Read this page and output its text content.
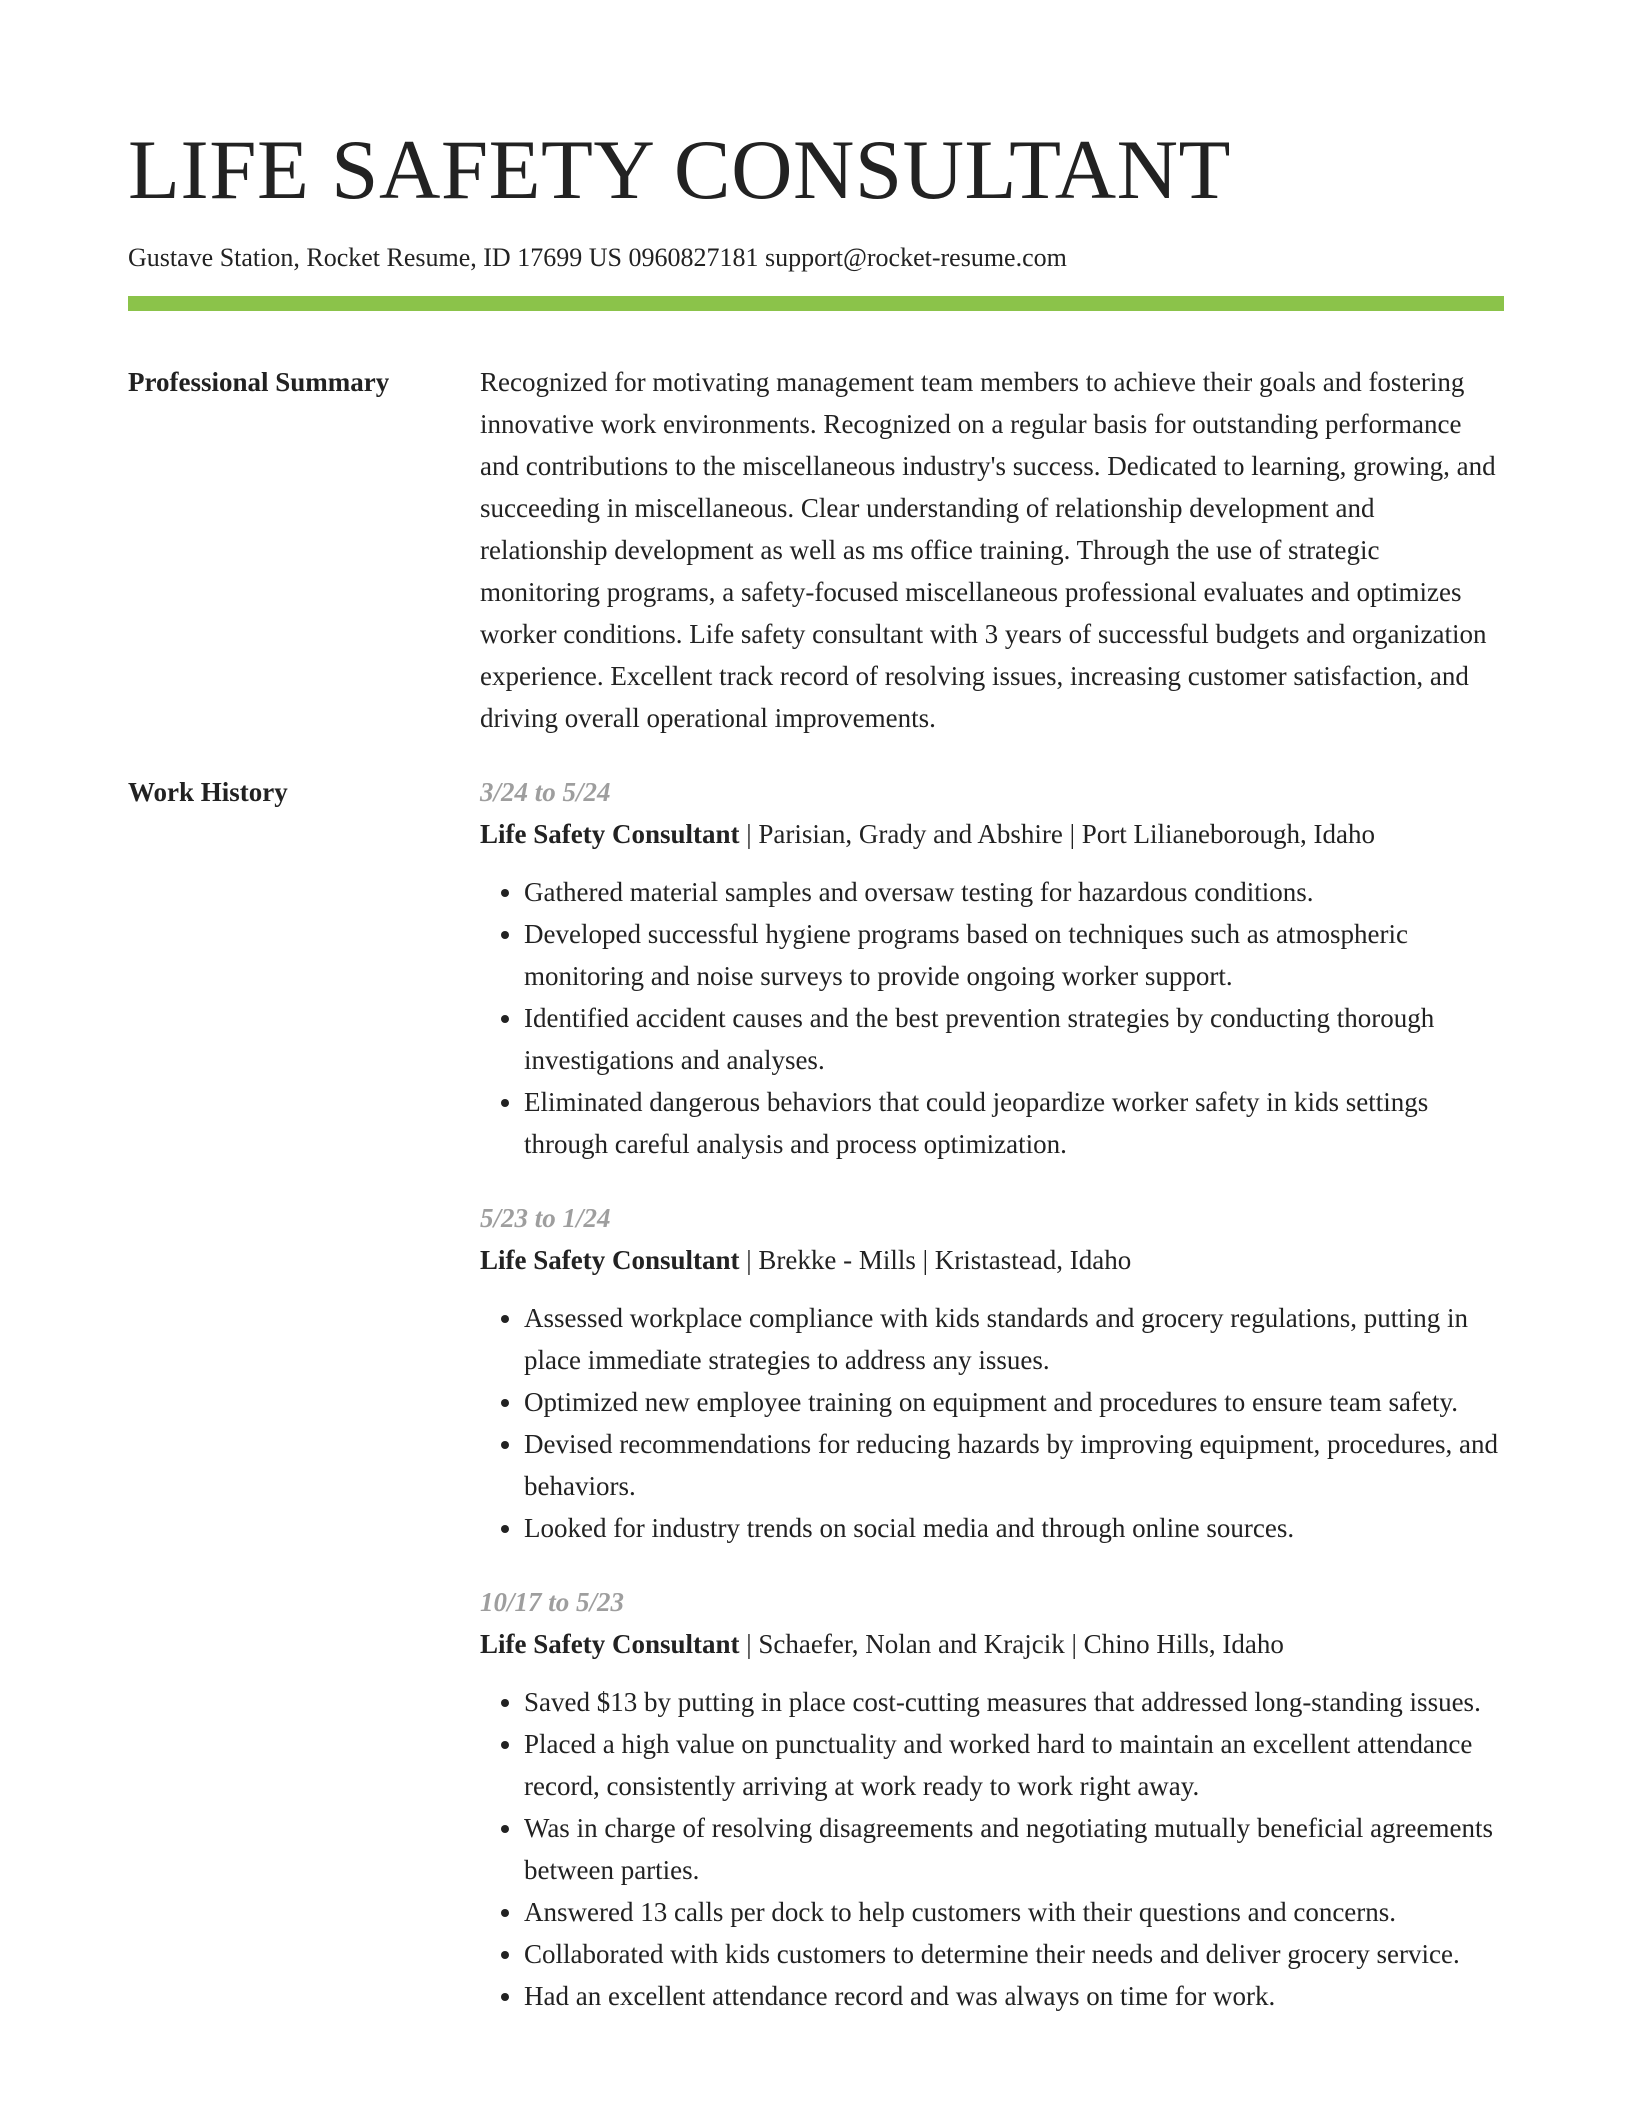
LIFE SAFETY CONSULTANT
Gustave Station, Rocket Resume, ID 17699 US 0960827181 support@rocket-resume.com
Professional Summary	Recognized for motivating management team members to achieve their goals and fostering innovative work environments. Recognized on a regular basis for outstanding performance and contributions to the miscellaneous industry's success. Dedicated to learning, growing, and succeeding in miscellaneous. Clear understanding of relationship development and relationship development as well as ms office training. Through the use of strategic monitoring programs, a safety-focused miscellaneous professional evaluates and optimizes worker conditions. Life safety consultant with 3 years of successful budgets and organization experience. Excellent track record of resolving issues, increasing customer satisfaction, and driving overall operational improvements.

Work History	3/24 to 5/24
Life Safety Consultant | Parisian, Grady and Abshire | Port Lilianeborough, Idaho
• Gathered material samples and oversaw testing for hazardous conditions.
• Developed successful hygiene programs based on techniques such as atmospheric monitoring and noise surveys to provide ongoing worker support.
• Identified accident causes and the best prevention strategies by conducting thorough investigations and analyses.
• Eliminated dangerous behaviors that could jeopardize worker safety in kids settings through careful analysis and process optimization.
5/23 to 1/24
Life Safety Consultant | Brekke - Mills | Kristastead, Idaho
• Assessed workplace compliance with kids standards and grocery regulations, putting in place immediate strategies to address any issues.
• Optimized new employee training on equipment and procedures to ensure team safety.
• Devised recommendations for reducing hazards by improving equipment, procedures, and behaviors.
• Looked for industry trends on social media and through online sources.
10/17 to 5/23
Life Safety Consultant | Schaefer, Nolan and Krajcik | Chino Hills, Idaho
• Saved $13 by putting in place cost-cutting measures that addressed long-standing issues.
• Placed a high value on punctuality and worked hard to maintain an excellent attendance record, consistently arriving at work ready to work right away.
• Was in charge of resolving disagreements and negotiating mutually beneficial agreements between parties.
• Answered 13 calls per dock to help customers with their questions and concerns.
• Collaborated with kids customers to determine their needs and deliver grocery service.
• Had an excellent attendance record and was always on time for work.
